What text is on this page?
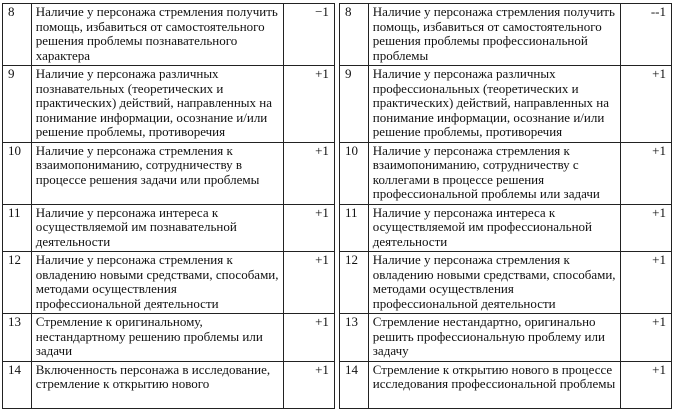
8	Наличие у персонажа стремления получить помощь, избавиться от самостоятельного решения проблемы познавательного характера	−1		8	Наличие у персонажа стремления получить помощь, избавиться от самостоятельного решения проблемы профессиональной проблемы	--1
9	Наличие у персонажа различных познавательных (теоретических и практических) действий, направленных на понимание информации, осознание и/или решение проблемы, противоречия	+1		9	Наличие у персонажа различных профессиональных (теоретических и практических) действий, направленных на понимание информации, осознание и/или решение проблемы, противоречия	+1
10	Наличие у персонажа стремления к взаимопониманию, сотрудничеству в процессе решения задачи или проблемы	+1		10	Наличие у персонажа стремления к взаимопониманию, сотрудничеству с коллегами в процессе решения профессиональной проблемы или задачи	+1
11	Наличие у персонажа интереса к осуществляемой им познавательной деятельности	+1		11	Наличие у персонажа интереса к осуществляемой им профессиональной деятельности	+1
12	Наличие у персонажа стремления к овладению новыми средствами, способами, методами осуществления профессиональной деятельности	+1		12	Наличие у персонажа стремления к овладению новыми средствами, способами, методами осуществления профессиональной деятельности	+1
13	Стремление к оригинальному, нестандартному решению проблемы или задачи	+1		13	Стремление нестандартно, оригинально решить профессиональную проблему или задачу	+1
14	Включенность персонажа в исследование, стремление к открытию нового	+1		14	Стремление к открытию нового в процессе исследования профессиональной проблемы	+1
